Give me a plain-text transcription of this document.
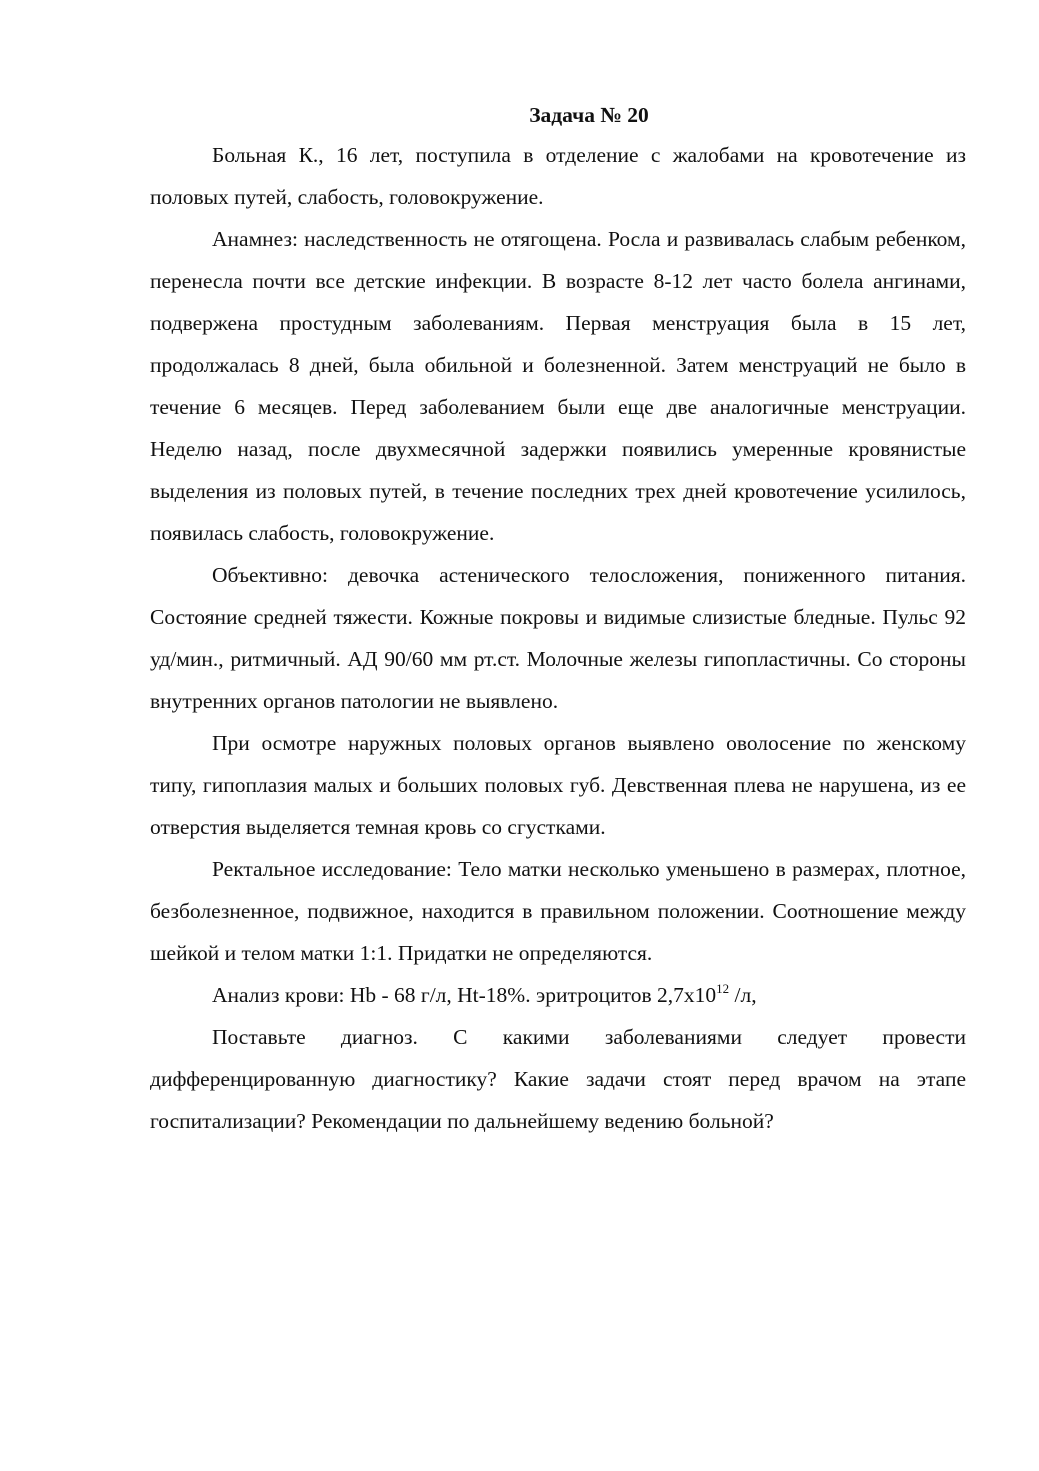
Задача № 20

Больная К., 16 лет, поступила в отделение с жалобами на кровотечение из половых путей, слабость, головокружение.

Анамнез: наследственность не отягощена. Росла и развивалась слабым ребенком, перенесла почти все детские инфекции. В возрасте 8-12 лет часто болела ангинами, подвержена простудным заболеваниям. Первая менструация была в 15 лет, продолжалась 8 дней, была обильной и болезненной. Затем менструаций не было в течение 6 месяцев. Перед заболеванием были еще две аналогичные менструации. Неделю назад, после двухмесячной задержки появились умеренные кровянистые выделения из половых путей, в течение последних трех дней кровотечение усилилось, появилась слабость, головокружение.

Объективно: девочка астенического телосложения, пониженного питания. Состояние средней тяжести. Кожные покровы и видимые слизистые бледные. Пульс 92 уд/мин., ритмичный. АД 90/60 мм рт.ст. Молочные железы гипопластичны. Со стороны внутренних органов патологии не выявлено.

При осмотре наружных половых органов выявлено оволосение по женскому типу, гипоплазия малых и больших половых губ. Девственная плева не нарушена, из ее отверстия выделяется темная кровь со сгустками.

Ректальное исследование: Тело матки несколько уменьшено в размерах, плотное, безболезненное, подвижное, находится в правильном положении. Соотношение между шейкой и телом матки 1:1. Придатки не определяются.

Анализ крови: Hb - 68 г/л, Ht-18%. эритроцитов $2,7х10^{12}$ /л,

Поставьте диагноз. С какими заболеваниями следует провести дифференцированную диагностику? Какие задачи стоят перед врачом на этапе госпитализации? Рекомендации по дальнейшему ведению больной?
